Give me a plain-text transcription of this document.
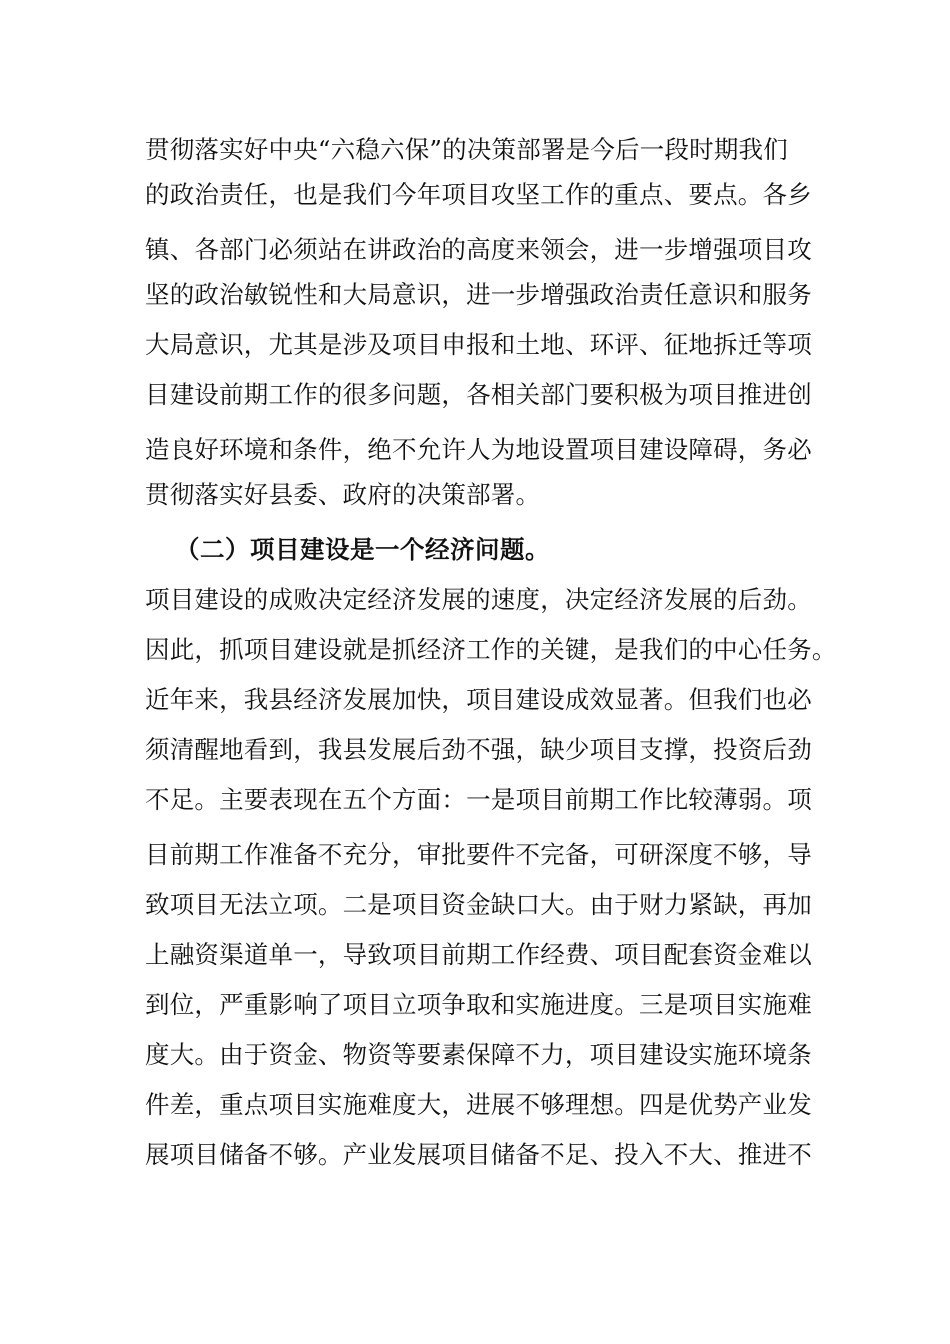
贯彻落实好中央“六稳六保”的决策部署是今后一段时期我们
的政治责任，也是我们今年项目攻坚工作的重点、要点。各乡
镇、各部门必须站在讲政治的高度来领会，进一步增强项目攻
坚的政治敏锐性和大局意识，进一步增强政治责任意识和服务
大局意识，尤其是涉及项目申报和土地、环评、征地拆迁等项
目建设前期工作的很多问题，各相关部门要积极为项目推进创
造良好环境和条件，绝不允许人为地设置项目建设障碍，务必
贯彻落实好县委、政府的决策部署。
（二）项目建设是一个经济问题。
项目建设的成败决定经济发展的速度，决定经济发展的后劲。
因此，抓项目建设就是抓经济工作的关键，是我们的中心任务。
近年来，我县经济发展加快，项目建设成效显著。但我们也必
须清醒地看到，我县发展后劲不强，缺少项目支撑，投资后劲
不足。主要表现在五个方面：一是项目前期工作比较薄弱。项
目前期工作准备不充分，审批要件不完备，可研深度不够，导
致项目无法立项。二是项目资金缺口大。由于财力紧缺，再加
上融资渠道单一，导致项目前期工作经费、项目配套资金难以
到位，严重影响了项目立项争取和实施进度。三是项目实施难
度大。由于资金、物资等要素保障不力，项目建设实施环境条
件差，重点项目实施难度大，进展不够理想。四是优势产业发
展项目储备不够。产业发展项目储备不足、投入不大、推进不
